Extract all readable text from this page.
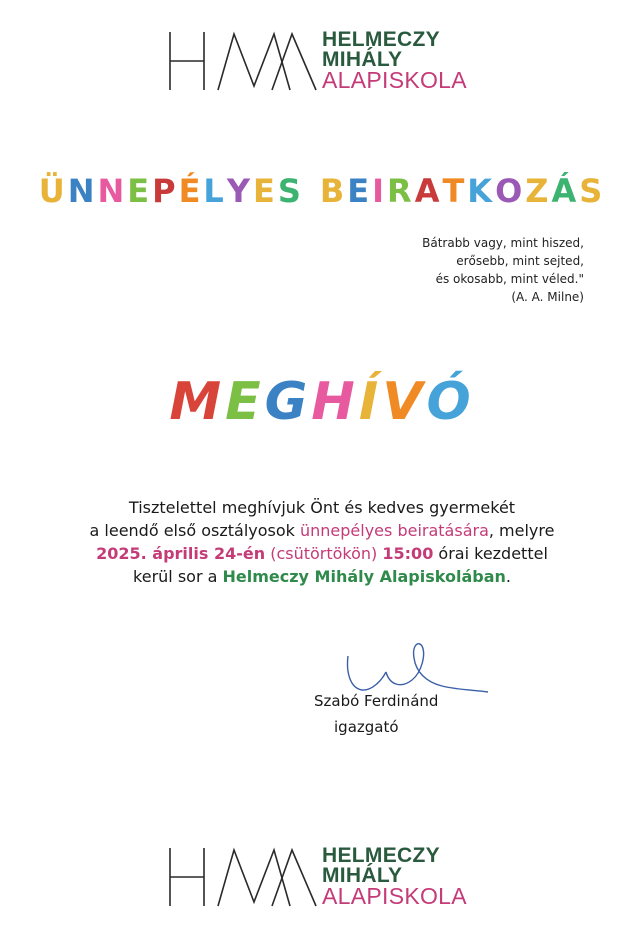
HELMECZY
MIHÁLY
ALAPISKOLA
ÜNNEPÉLYES BEIRATKOZÁS
Bátrabb vagy, mint hiszed,
erősebb, mint sejted,
és okosabb, mint véled."
(A. A. Milne)
MEGHÍVÓ
Tisztelettel meghívjuk Önt és kedves gyermekét
a leendő első osztályosok ünnepélyes beiratására, melyre
2025. április 24-én (csütörtökön) 15:00 órai kezdettel
kerül sor a Helmeczy Mihály Alapiskolában.
Szabó Ferdinánd
igazgató
HELMECZY
MIHÁLY
ALAPISKOLA
